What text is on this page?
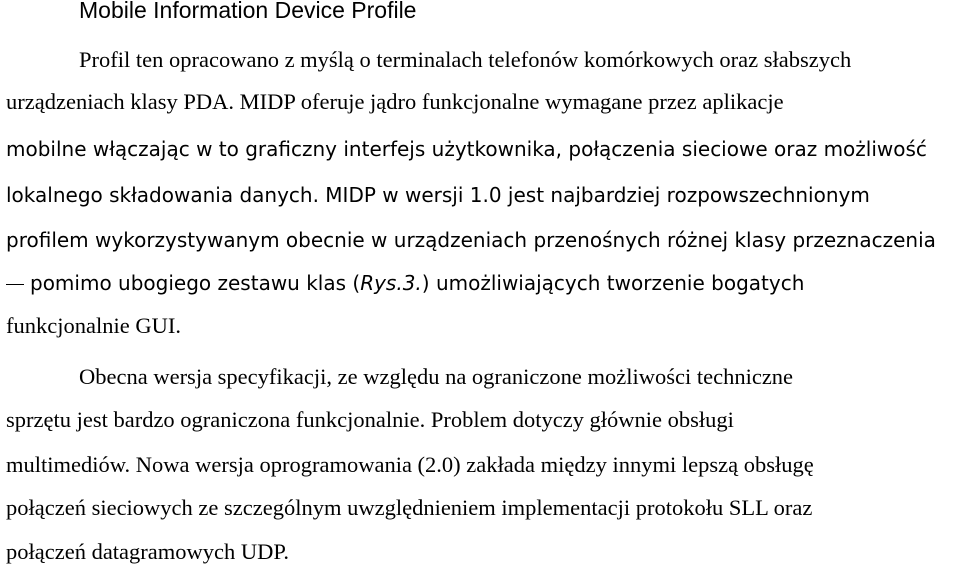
Mobile Information Device Profile
Profil ten opracowano z myślą o terminalach telefonów komórkowych oraz słabszych
urządzeniach klasy PDA. MIDP oferuje jądro funkcjonalne wymagane przez aplikacje
mobilne włączając w to graficzny interfejs użytkownika, połączenia sieciowe oraz możliwość
lokalnego składowania danych. MIDP w wersji 1.0 jest najbardziej rozpowszechnionym
profilem wykorzystywanym obecnie w urządzeniach przenośnych różnej klasy przeznaczenia
pomimo ubogiego zestawu klas (Rys.3.) umożliwiających tworzenie bogatych
funkcjonalnie GUI.
Obecna wersja specyfikacji, ze względu na ograniczone możliwości techniczne
sprzętu jest bardzo ograniczona funkcjonalnie. Problem dotyczy głównie obsługi
multimediów. Nowa wersja oprogramowania (2.0) zakłada między innymi lepszą obsługę
połączeń sieciowych ze szczególnym uwzględnieniem implementacji protokołu SLL oraz
połączeń datagramowych UDP.
